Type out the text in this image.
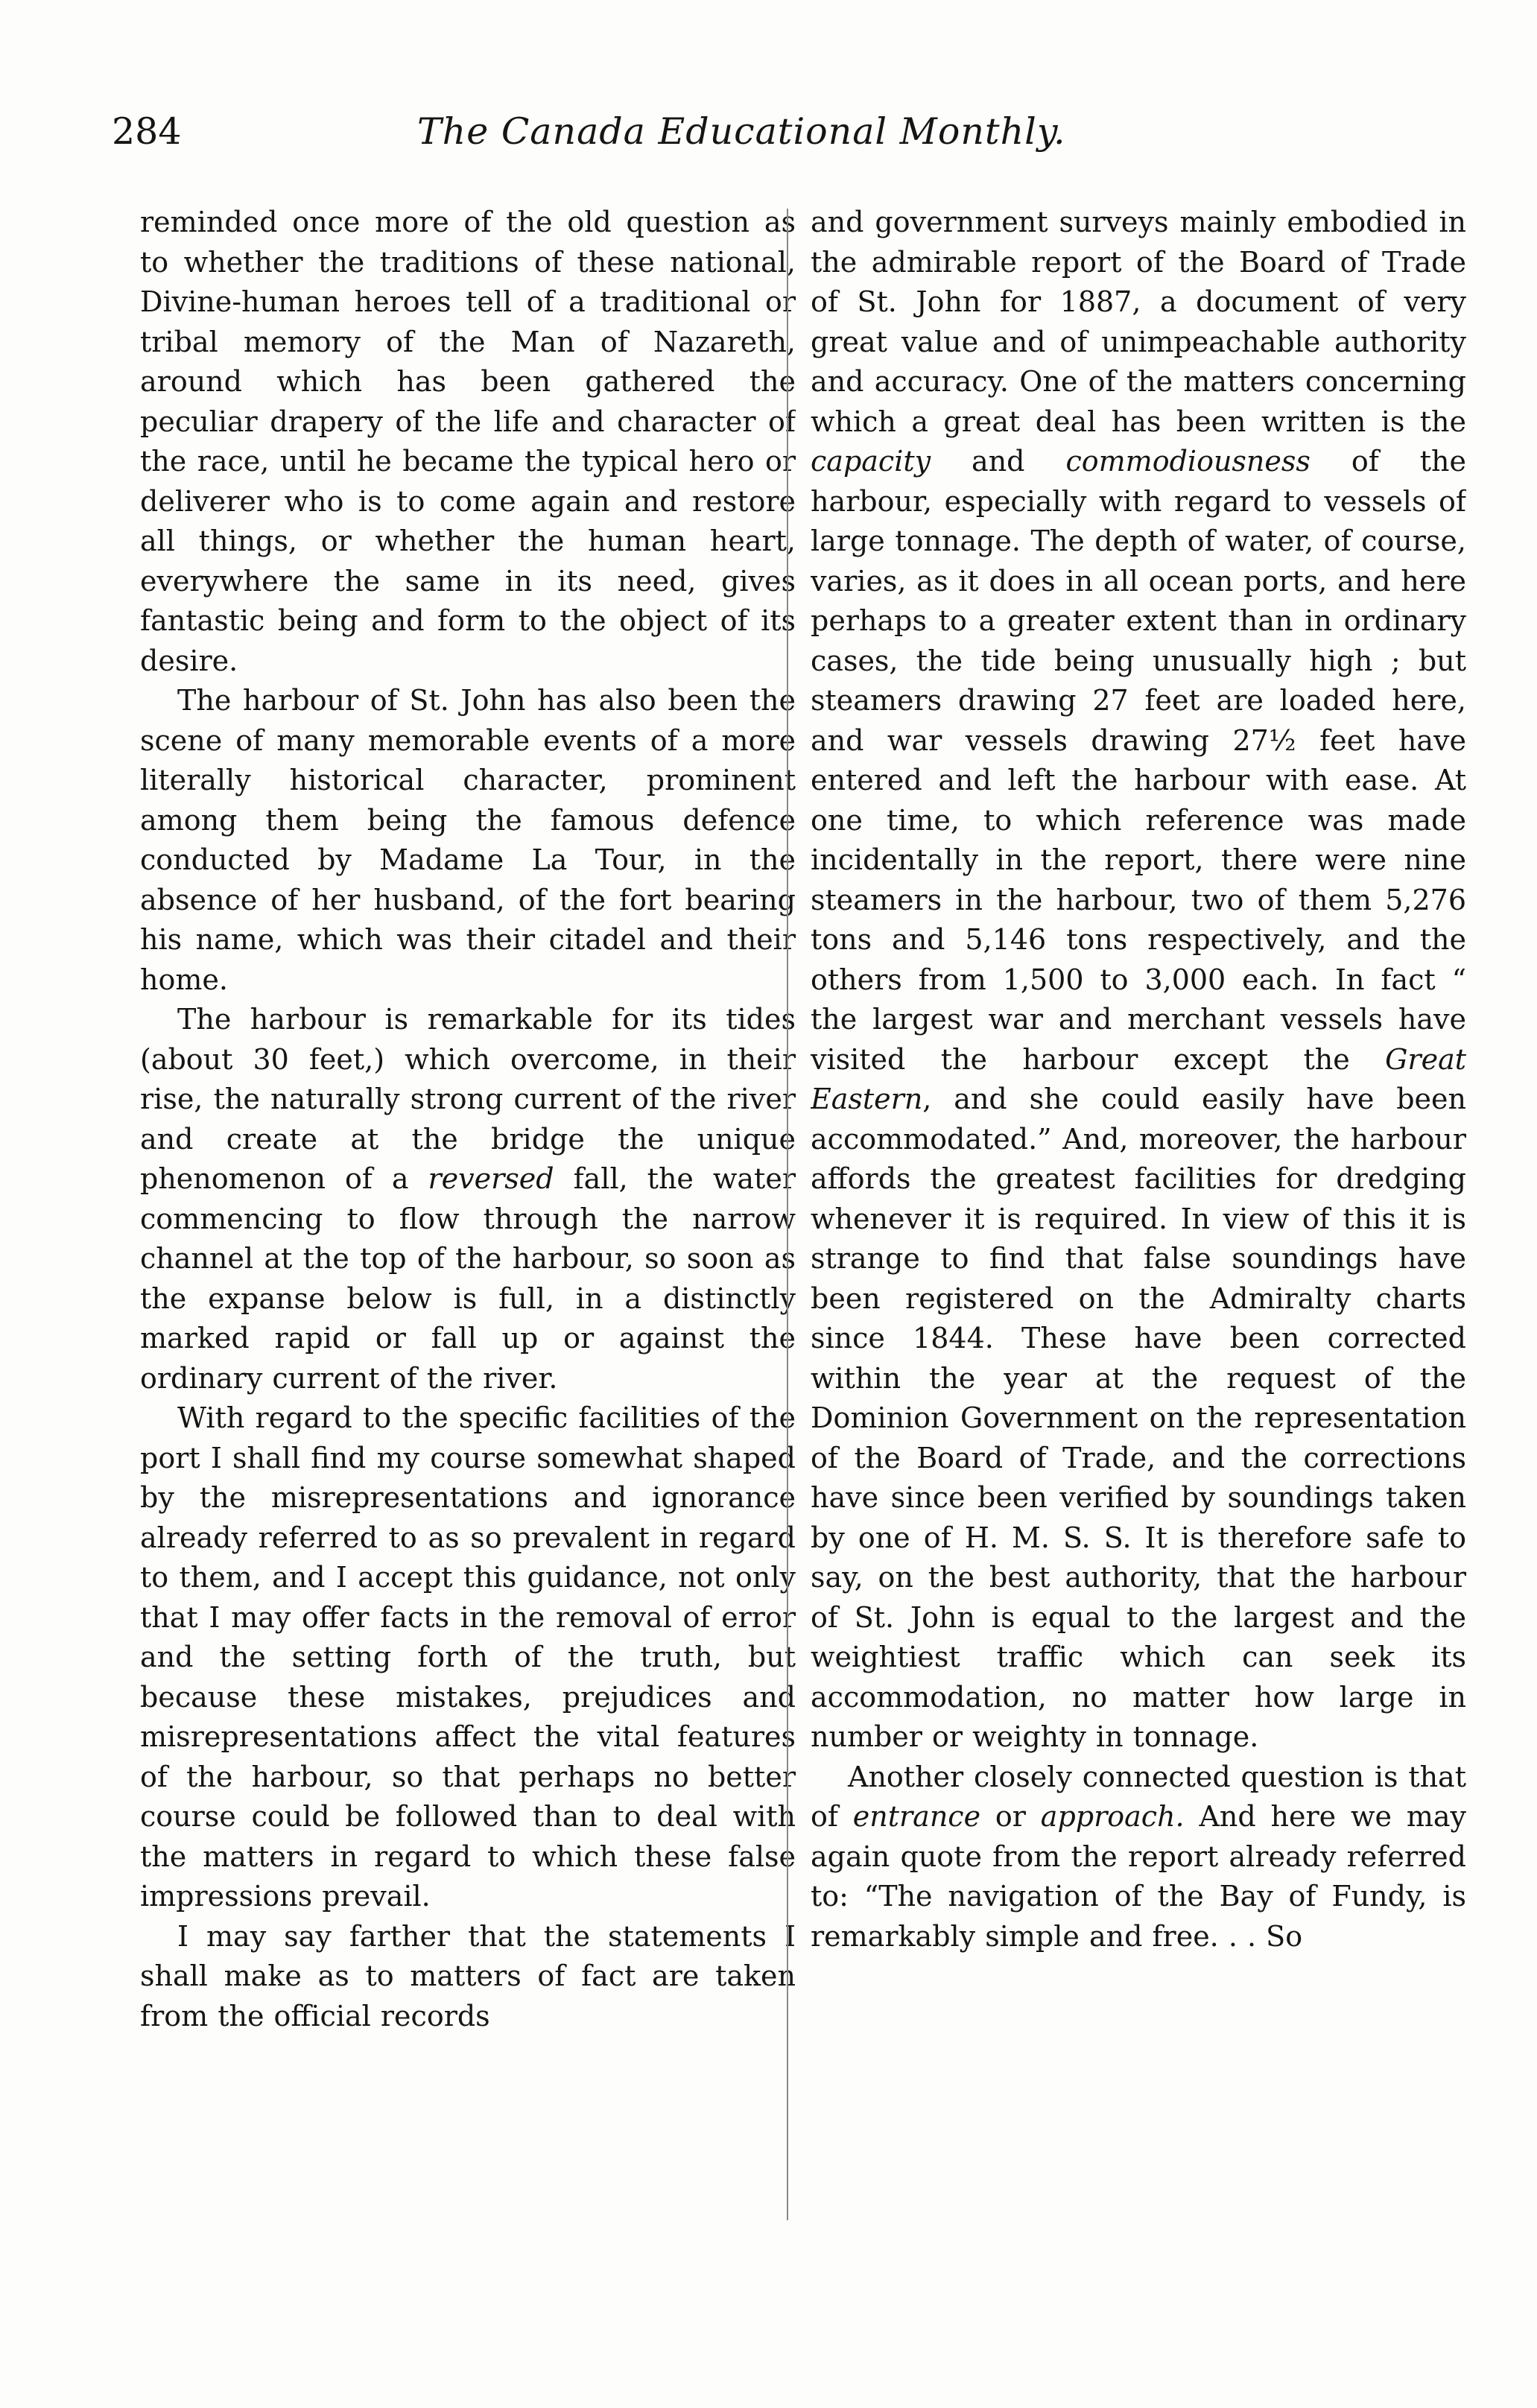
284	The Canada Educational Monthly.

reminded once more of the old question as to whether the traditions of these national, Divine-human heroes tell of a traditional or tribal memory of the Man of Nazareth, around which has been gathered the peculiar drapery of the life and character of the race, until he became the typical hero or deliverer who is to come again and restore all things, or whether the human heart, everywhere the same in its need, gives fantastic being and form to the object of its desire.

The harbour of St. John has also been the scene of many memorable events of a more literally historical character, prominent among them being the famous defence conducted by Madame La Tour, in the absence of her husband, of the fort bearing his name, which was their citadel and their home.

The harbour is remarkable for its tides (about 30 feet,) which overcome, in their rise, the naturally strong current of the river and create at the bridge the unique phenomenon of a reversed fall, the water commencing to flow through the narrow channel at the top of the harbour, so soon as the expanse below is full, in a distinctly marked rapid or fall up or against the ordinary current of the river.

With regard to the specific facilities of the port I shall find my course somewhat shaped by the misrepresentations and ignorance already referred to as so prevalent in regard to them, and I accept this guidance, not only that I may offer facts in the removal of error and the setting forth of the truth, but because these mistakes, prejudices and misrepresentations affect the vital features of the harbour, so that perhaps no better course could be followed than to deal with the matters in regard to which these false impressions prevail.

I may say farther that the statements I shall make as to matters of fact are taken from the official records

and government surveys mainly embodied in the admirable report of the Board of Trade of St. John for 1887, a document of very great value and of unimpeachable authority and accuracy. One of the matters concerning which a great deal has been written is the capacity and commodiousness of the harbour, especially with regard to vessels of large tonnage. The depth of water, of course, varies, as it does in all ocean ports, and here perhaps to a greater extent than in ordinary cases, the tide being unusually high ; but steamers drawing 27 feet are loaded here, and war vessels drawing 27½ feet have entered and left the harbour with ease. At one time, to which reference was made incidentally in the report, there were nine steamers in the harbour, two of them 5,276 tons and 5,146 tons respectively, and the others from 1,500 to 3,000 each. In fact “ the largest war and merchant vessels have visited the harbour except the Great Eastern, and she could easily have been accommodated.” And, moreover, the harbour affords the greatest facilities for dredging whenever it is required. In view of this it is strange to find that false soundings have been registered on the Admiralty charts since 1844. These have been corrected within the year at the request of the Dominion Government on the representation of the Board of Trade, and the corrections have since been verified by soundings taken by one of H. M. S. S. It is therefore safe to say, on the best authority, that the harbour of St. John is equal to the largest and the weightiest traffic which can seek its accommodation, no matter how large in number or weighty in tonnage.

Another closely connected question is that of entrance or approach. And here we may again quote from the report already referred to: “The navigation of the Bay of Fundy, is remarkably simple and free. . . So
